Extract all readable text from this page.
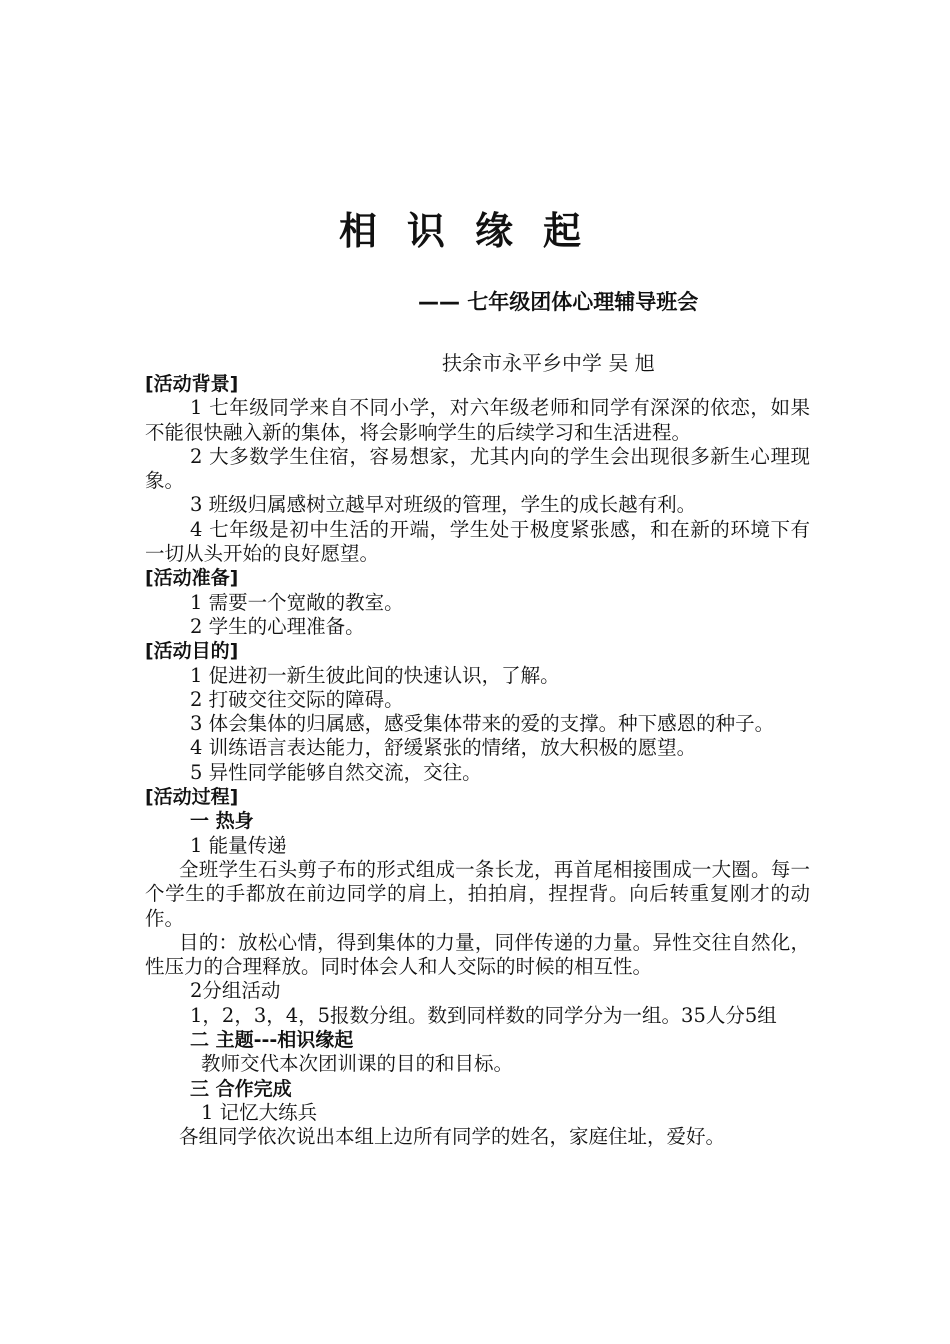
相识缘起

—— 七年级团体心理辅导班会

扶余市永平乡中学 吴 旭

[活动背景]

1 七年级同学来自不同小学，对六年级老师和同学有深深的依恋，如果不能很快融入新的集体，将会影响学生的后续学习和生活进程。

2 大多数学生住宿，容易想家，尤其内向的学生会出现很多新生心理现象。

3 班级归属感树立越早对班级的管理，学生的成长越有利。

4 七年级是初中生活的开端，学生处于极度紧张感，和在新的环境下有一切从头开始的良好愿望。

[活动准备]

1 需要一个宽敞的教室。

2 学生的心理准备。

[活动目的]

1 促进初一新生彼此间的快速认识，了解。

2 打破交往交际的障碍。

3 体会集体的归属感，感受集体带来的爱的支撑。种下感恩的种子。

4 训练语言表达能力，舒缓紧张的情绪，放大积极的愿望。

5 异性同学能够自然交流，交往。

[活动过程]

一 热身

1 能量传递

全班学生石头剪子布的形式组成一条长龙，再首尾相接围成一大圈。每一个学生的手都放在前边同学的肩上，拍拍肩，捏捏背。向后转重复刚才的动作。

目的：放松心情，得到集体的力量，同伴传递的力量。异性交往自然化，性压力的合理释放。同时体会人和人交际的时候的相互性。

2分组活动

1，2，3，4，5报数分组。数到同样数的同学分为一组。35人分5组

二 主题---相识缘起

教师交代本次团训课的目的和目标。

三 合作完成

1 记忆大练兵

各组同学依次说出本组上边所有同学的姓名，家庭住址，爱好。
